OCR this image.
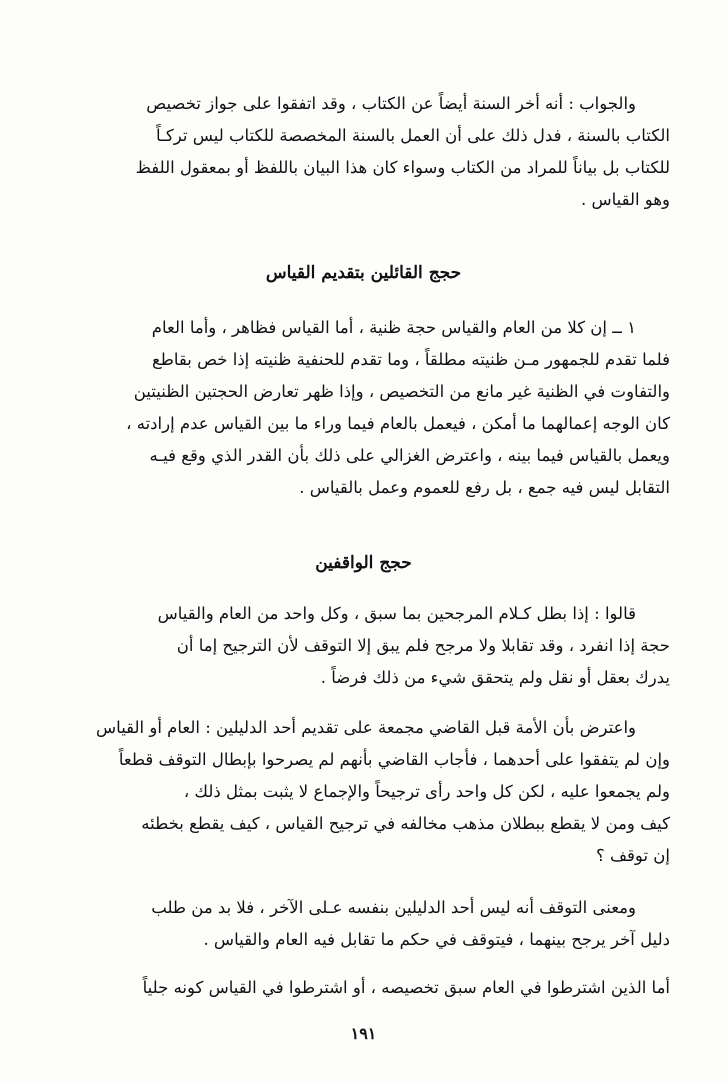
والجواب : أنه أخر السنة أيضاً عن الكتاب ، وقد اتفقوا على جواز تخصيص
الكتاب بالسنة ، فدل ذلك على أن العمل بالسنة المخصصة للكتاب ليس تركـاً
للكتاب بل بياناً للمراد من الكتاب وسواء كان هذا البيان باللفظ أو بمعقول اللفظ
وهو القياس .
حجج القائلين بتقديم القياس
١ ــ إن كلا من العام والقياس حجة ظنية ، أما القياس فظاهر ، وأما العام
فلما تقدم للجمهور مـن ظنيته مطلقاً ، وما تقدم للحنفية ظنيته إذا خص بقاطع
والتفاوت في الظنية غير مانع من التخصيص ، وإذا ظهر تعارض الحجتين الظنيتين
كان الوجه إعمالهما ما أمكن ، فيعمل بالعام فيما وراء ما بين القياس عدم إرادته ،
ويعمل بالقياس فيما بينه ، واعترض الغزالي على ذلك بأن القدر الذي وقع فيـه
التقابل ليس فيه جمع ، بل رفع للعموم وعمل بالقياس .
حجج الواقفين
قالوا : إذا بطل كـلام المرجحين بما سبق ، وكل واحد من العام والقياس
حجة إذا انفرد ، وقد تقابلا ولا مرجح فلم يبق إلا التوقف لأن الترجيح إما أن
يدرك بعقل أو نقل ولم يتحقق شيء من ذلك فرضاً .
واعترض بأن الأمة قبل القاضي مجمعة على تقديم أحد الدليلين : العام أو القياس
وإن لم يتفقوا على أحدهما ، فأجاب القاضي بأنهم لم يصرحوا بإبطال التوقف قطعاً
ولم يجمعوا عليه ، لكن كل واحد رأى ترجيحاً والإجماع لا يثبت بمثل ذلك ،
كيف ومن لا يقطع ببطلان مذهب مخالفه في ترجيح القياس ، كيف يقطع بخطئه
إن توقف ؟
ومعنى التوقف أنه ليس أحد الدليلين بنفسه عـلى الآخر ، فلا بد من طلب
دليل آخر يرجح بينهما ، فيتوقف في حكم ما تقابل فيه العام والقياس .
أما الذين اشترطوا في العام سبق تخصيصه ، أو اشترطوا في القياس كونه جلياً
١٩١
